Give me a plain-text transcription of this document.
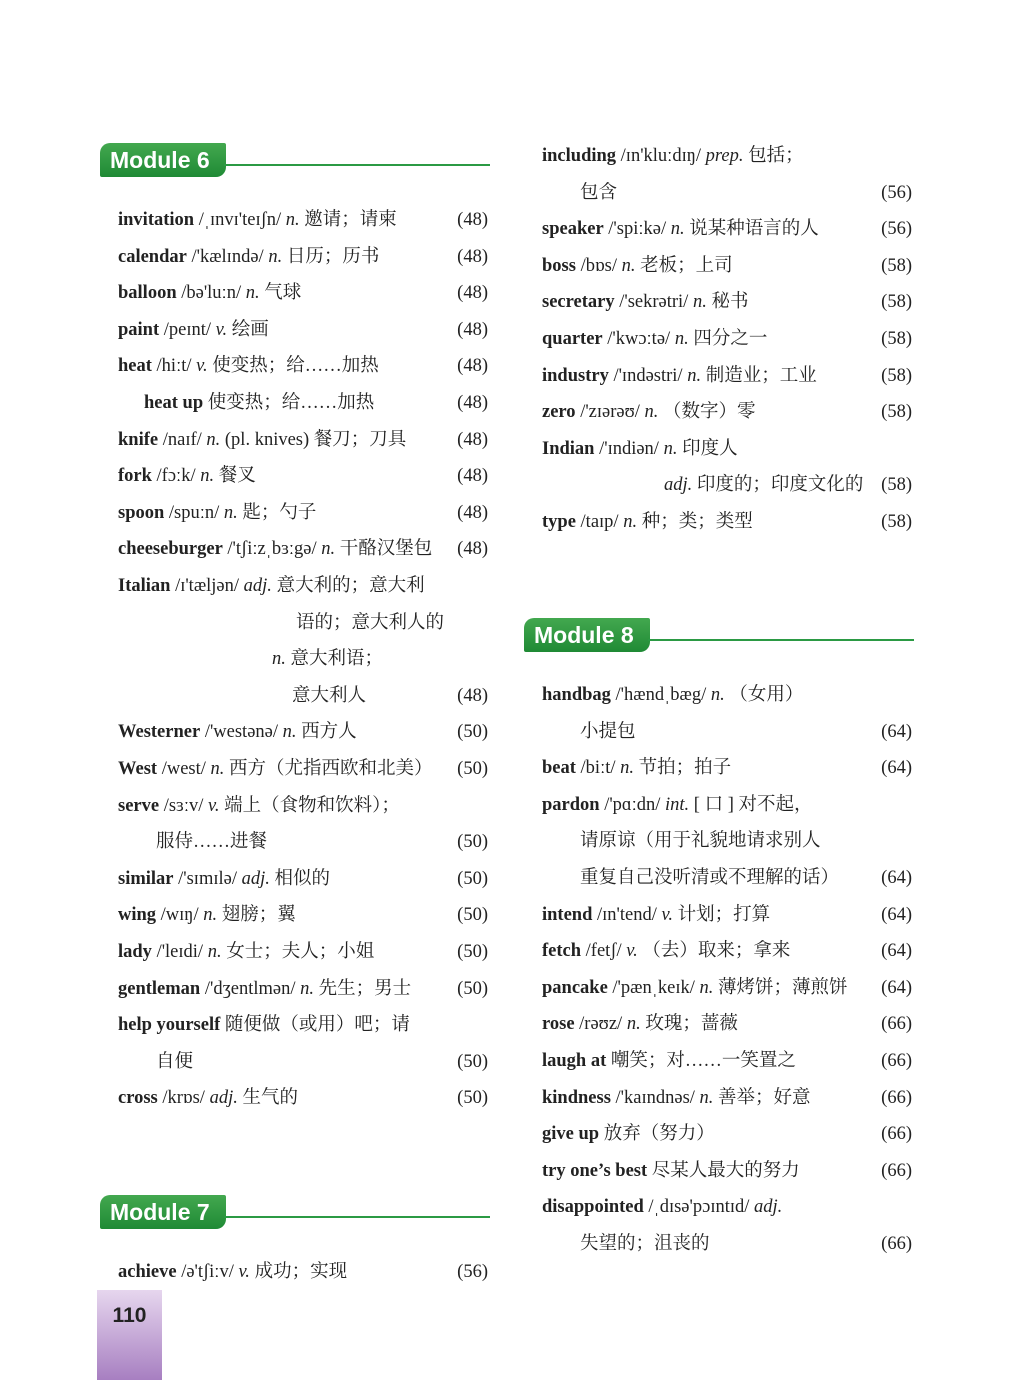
Module 6
invitation /ˌɪnvɪ'teɪʃn/ n. 邀请；请柬	(48)
calendar /'kælɪndə/ n. 日历；历书	(48)
balloon /bə'luːn/ n. 气球	(48)
paint /peɪnt/ v. 绘画	(48)
heat /hiːt/ v. 使变热；给……加热	(48)
heat up 使变热；给……加热	(48)
knife /naɪf/ n. (pl. knives) 餐刀；刀具	(48)
fork /fɔːk/ n. 餐叉	(48)
spoon /spuːn/ n. 匙；勺子	(48)
cheeseburger /'tʃiːzˌbɜːgə/ n. 干酪汉堡包 (48)
Italian /ɪ'tæljən/ adj. 意大利的；意大利
语的；意大利人的
n. 意大利语；
意大利人	(48)
Westerner /'westənə/ n. 西方人	(50)
West /west/ n. 西方（尤指西欧和北美） (50)
serve /sɜːv/ v. 端上（食物和饮料）；
服侍……进餐	(50)
similar /'sɪmɪlə/ adj. 相似的	(50)
wing /wɪŋ/ n. 翅膀；翼	(50)
lady /'leɪdi/ n. 女士；夫人；小姐	(50)
gentleman /'dʒentlmən/ n. 先生；男士 (50)
help yourself 随便做（或用）吧；请
自便	(50)
cross /krɒs/ adj. 生气的	(50)
Module 7
achieve /ə'tʃiːv/ v. 成功；实现	(56)
including /ɪn'kluːdɪŋ/ prep. 包括；
包含	(56)
speaker /'spiːkə/ n. 说某种语言的人	(56)
boss /bɒs/ n. 老板；上司	(58)
secretary /'sekrətri/ n. 秘书	(58)
quarter /'kwɔːtə/ n. 四分之一	(58)
industry /'ɪndəstri/ n. 制造业；工业	(58)
zero /'zɪərəʊ/ n. （数字）零	(58)
Indian /'ɪndiən/ n. 印度人
adj. 印度的；印度文化的 (58)
type /taɪp/ n. 种；类；类型	(58)
Module 8
handbag /'hændˌbæg/ n. （女用）
小提包	(64)
beat /biːt/ n. 节拍；拍子	(64)
pardon /'pɑːdn/ int. [ 口 ] 对不起，
请原谅（用于礼貌地请求别人
重复自己没听清或不理解的话） (64)
intend /ɪn'tend/ v. 计划；打算	(64)
fetch /fetʃ/ v. （去）取来；拿来	(64)
pancake /'pænˌkeɪk/ n. 薄烤饼；薄煎饼 (64)
rose /rəʊz/ n. 玫瑰；蔷薇	(66)
laugh at 嘲笑；对……一笑置之	(66)
kindness /'kaɪndnəs/ n. 善举；好意	(66)
give up 放弃（努力）	(66)
try one’s best 尽某人最大的努力	(66)
disappointed /ˌdɪsə'pɔɪntɪd/ adj.
失望的；沮丧的	(66)
110
